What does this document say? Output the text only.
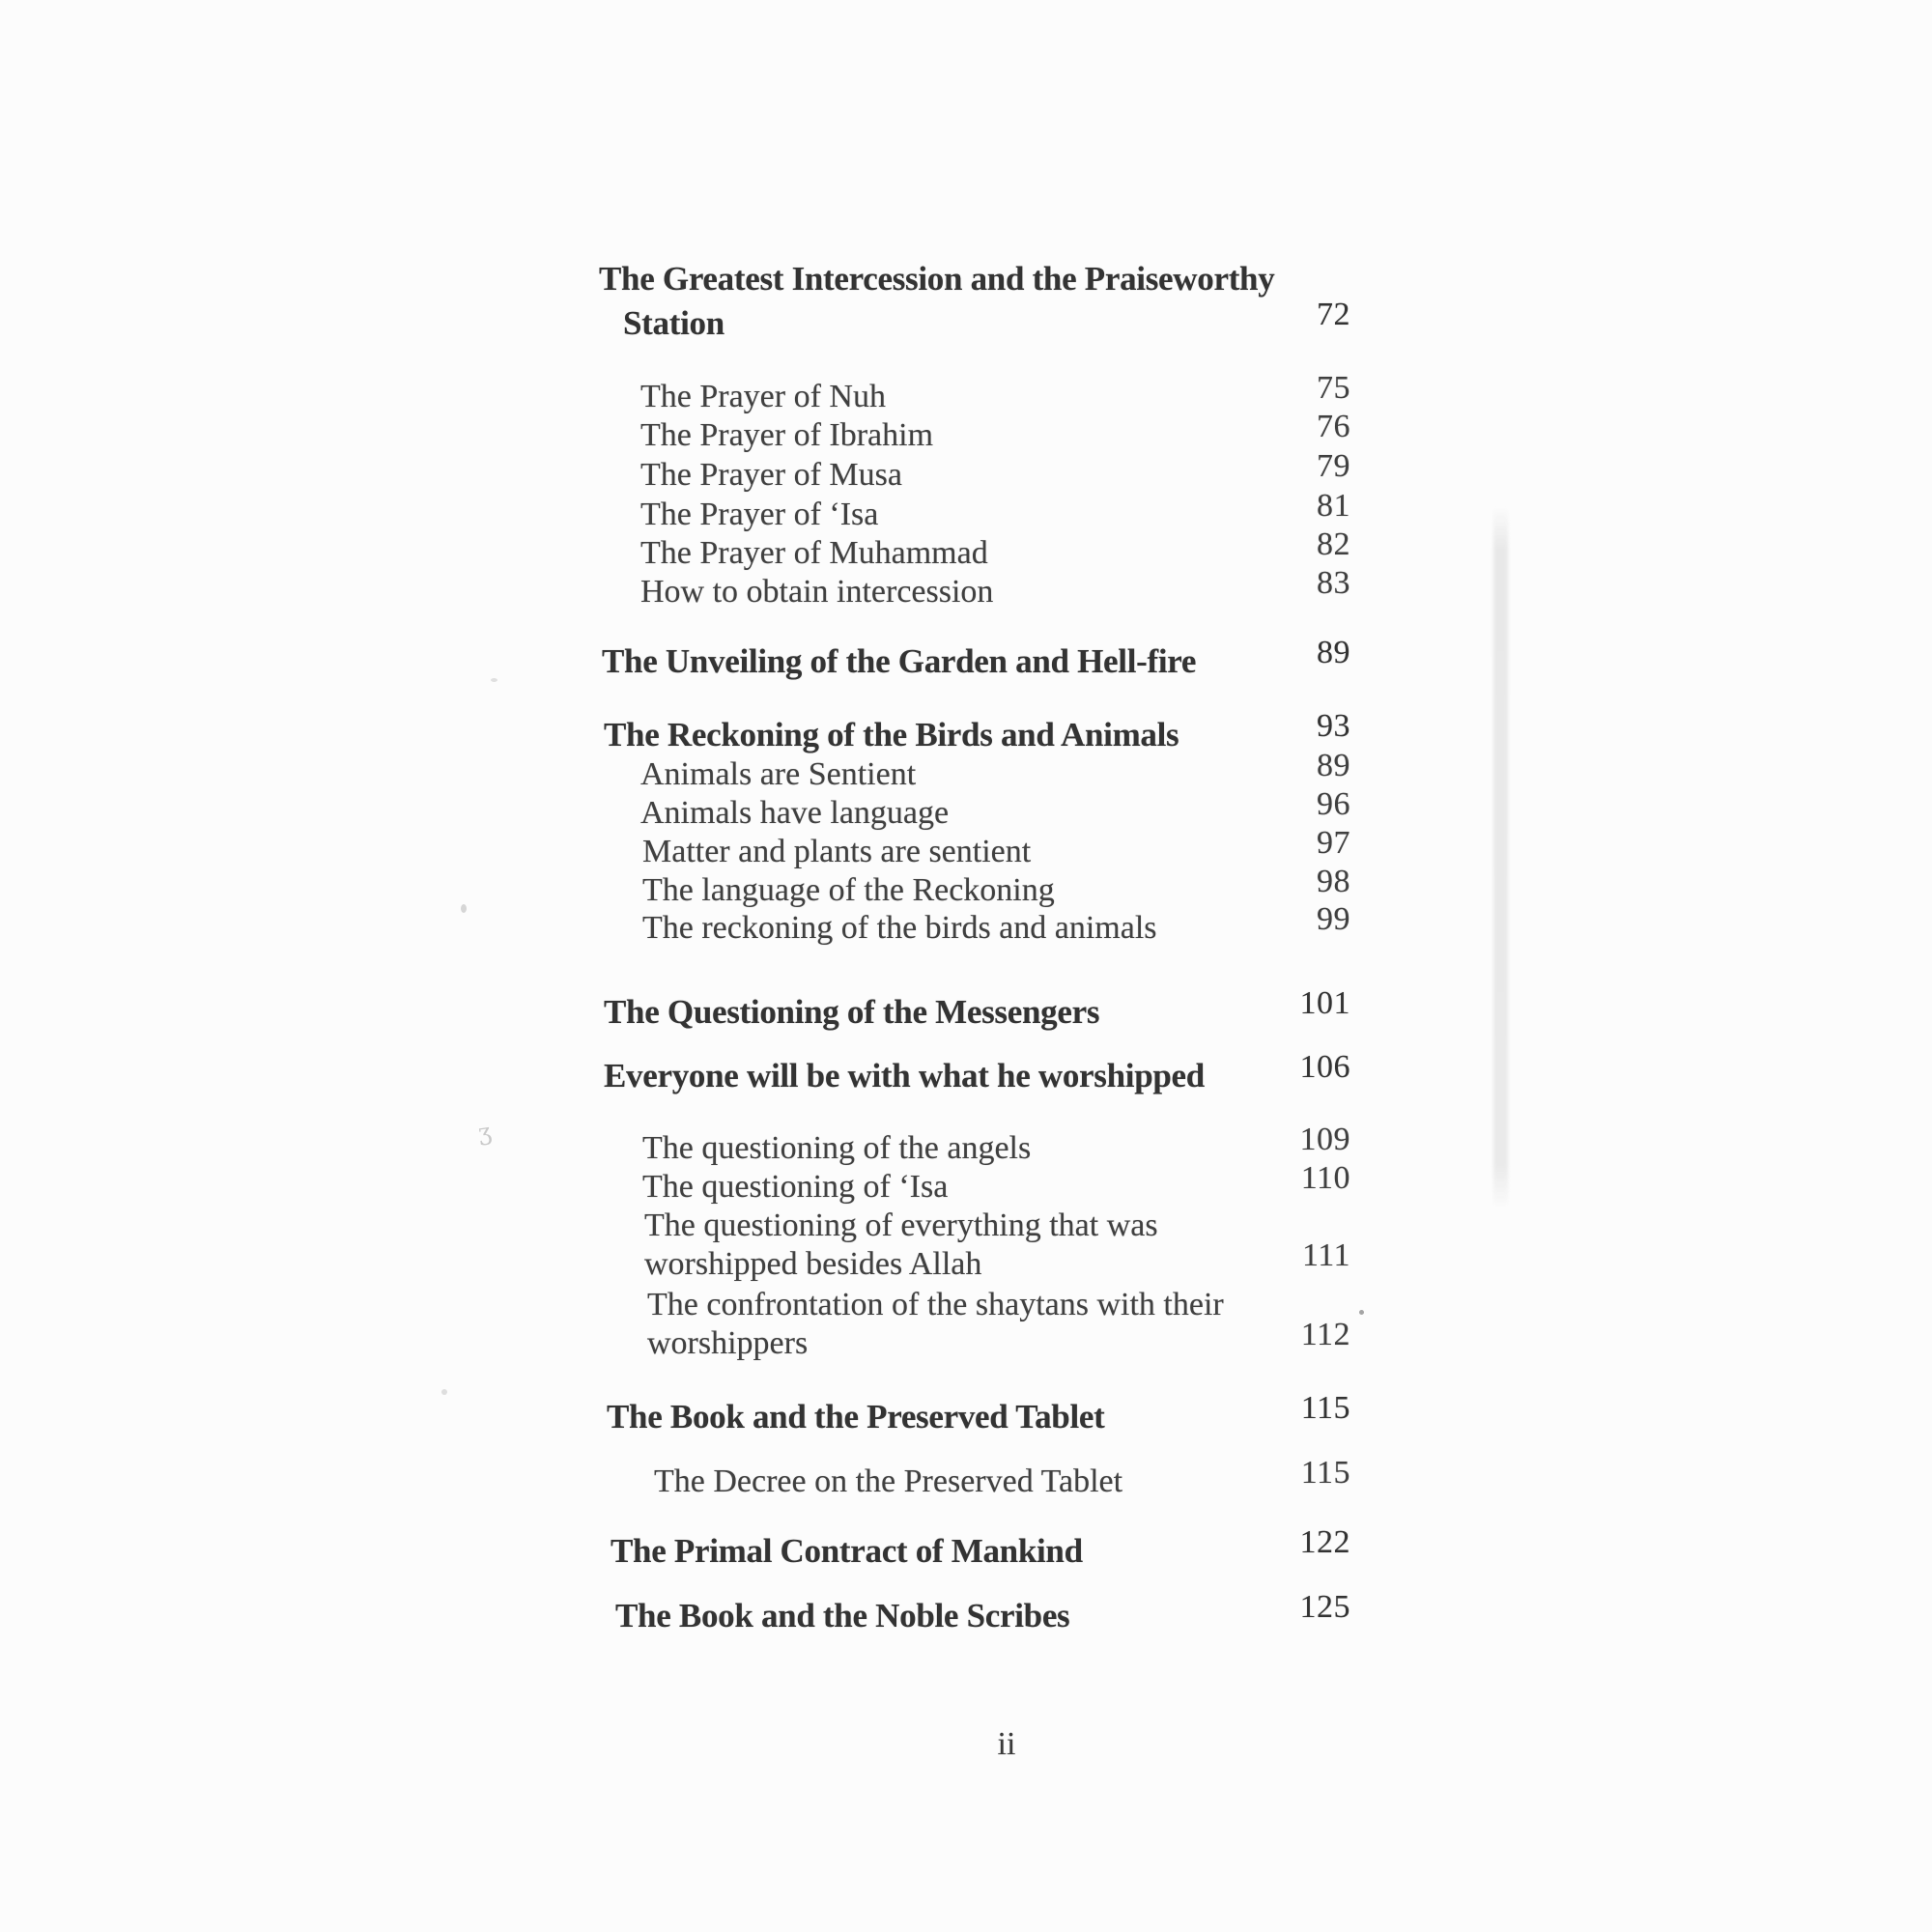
The Greatest Intercession and the Praiseworthy
Station	72
The Prayer of Nuh	75
The Prayer of Ibrahim	76
The Prayer of Musa	79
The Prayer of ‘Isa	81
The Prayer of Muhammad	82
How to obtain intercession	83
The Unveiling of the Garden and Hell-fire	89
The Reckoning of the Birds and Animals	93
Animals are Sentient	89
Animals have language	96
Matter and plants are sentient	97
The language of the Reckoning	98
The reckoning of the birds and animals	99
The Questioning of the Messengers	101
Everyone will be with what he worshipped	106
The questioning of the angels	109
The questioning of ‘Isa	110
The questioning of everything that was
worshipped besides Allah	111
The confrontation of the shaytans with their
worshippers	112
The Book and the Preserved Tablet	115
The Decree on the Preserved Tablet	115
The Primal Contract of Mankind	122
The Book and the Noble Scribes	125
ii
ʒ
